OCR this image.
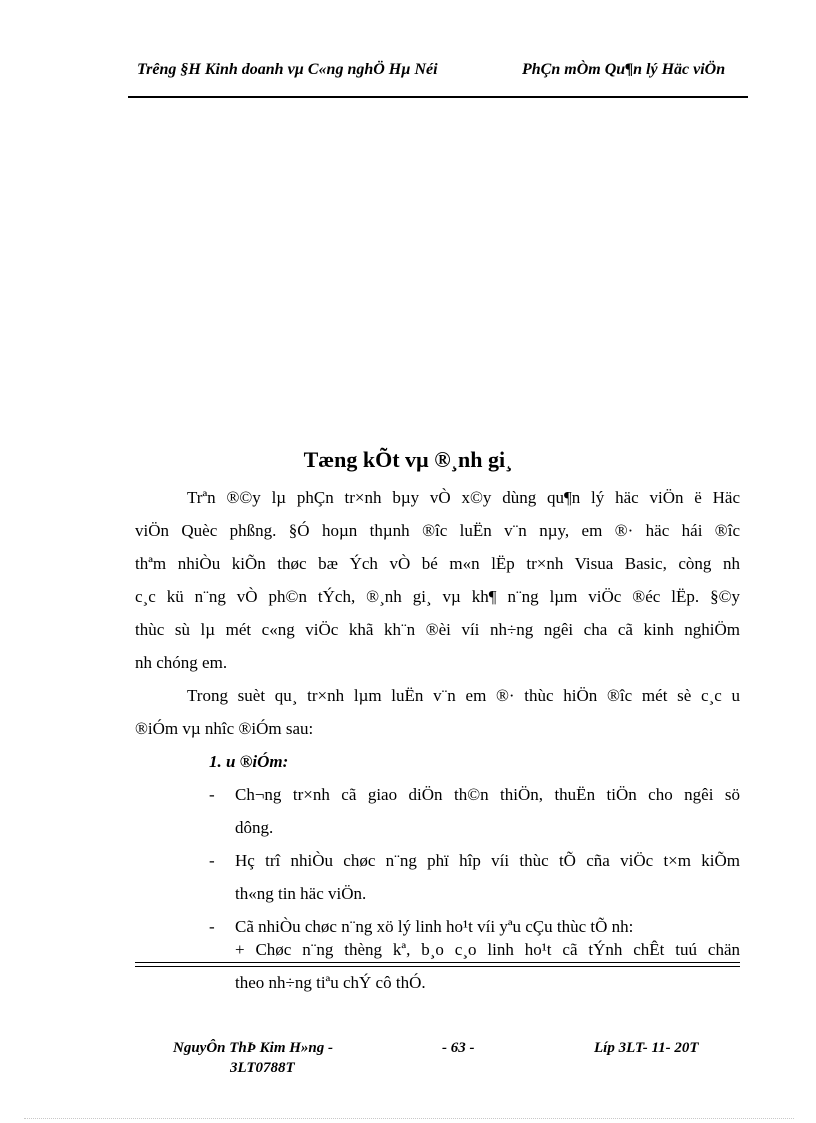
Trêng §H Kinh doanh vµ C«ng nghÖ Hµ Néi	PhÇn mÒm Qu¶n lý Häc viÖn
Tæng kÕt vµ ®¸nh gi¸
Trªn ®©y lµ phÇn tr×nh bµy vÒ x©y dùng qu¶n lý häc viÖn ë Häc
viÖn Quèc phßng. §Ó hoµn thµnh ®îc luËn v¨n nµy, em ®· häc hái ®îc
thªm nhiÒu kiÕn thøc bæ Ých vÒ bé m«n lËp tr×nh Visua Basic, còng nh
c¸c kü n¨ng vÒ ph©n tÝch, ®¸nh gi¸ vµ kh¶ n¨ng lµm viÖc ®éc lËp. §©y
thùc sù lµ mét c«ng viÖc khã kh¨n ®èi víi nh÷ng ngêi cha cã kinh nghiÖm
nh chóng em.
Trong suèt qu¸ tr×nh lµm luËn v¨n em ®· thùc hiÖn ®îc mét sè c¸c u
®iÓm vµ nhîc ®iÓm sau:
1. u ®iÓm:
- Ch¬ng tr×nh cã giao diÖn th©n thiÖn, thuËn tiÖn cho ngêi sö
dông.
- Hç trî nhiÒu chøc n¨ng phï hîp víi thùc tÕ cña viÖc t×m kiÕm
th«ng tin häc viÖn.
- Cã nhiÒu chøc n¨ng xö lý linh ho¹t víi yªu cÇu thùc tÕ nh:
+ Chøc n¨ng thèng kª, b¸o c¸o linh ho¹t cã tÝnh chÊt tuú chän
theo nh÷ng tiªu chÝ cô thÓ.
NguyÔn ThÞ Kim H»ng -
3LT0788T
- 63 -	Líp 3LT- 11- 20T
